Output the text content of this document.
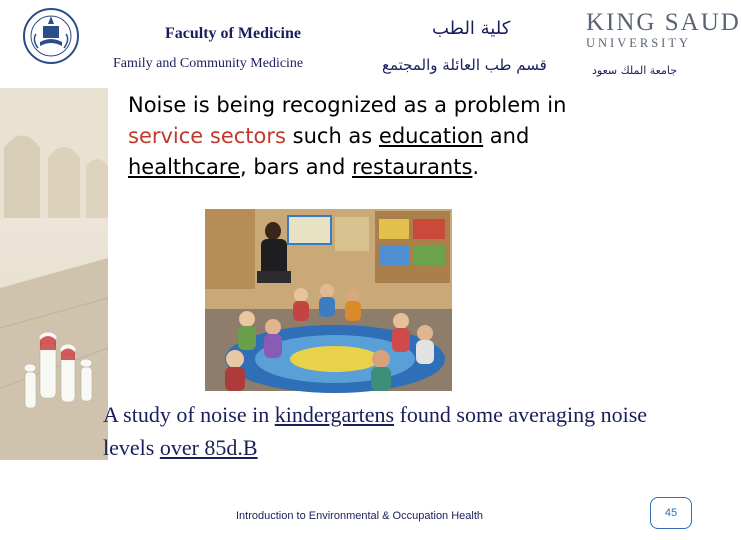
Faculty of Medicine
Family and Community Medicine
كلية الطب
قسم طب العائلة والمجتمع
KING SAUD
UNIVERSITY
جامعة الملك سعود
Noise is being recognized as a problem in service sectors such as education and healthcare, bars and restaurants.
A study of noise in kindergartens found some averaging noise levels over 85d.B
Introduction to Environmental & Occupation Health	45
